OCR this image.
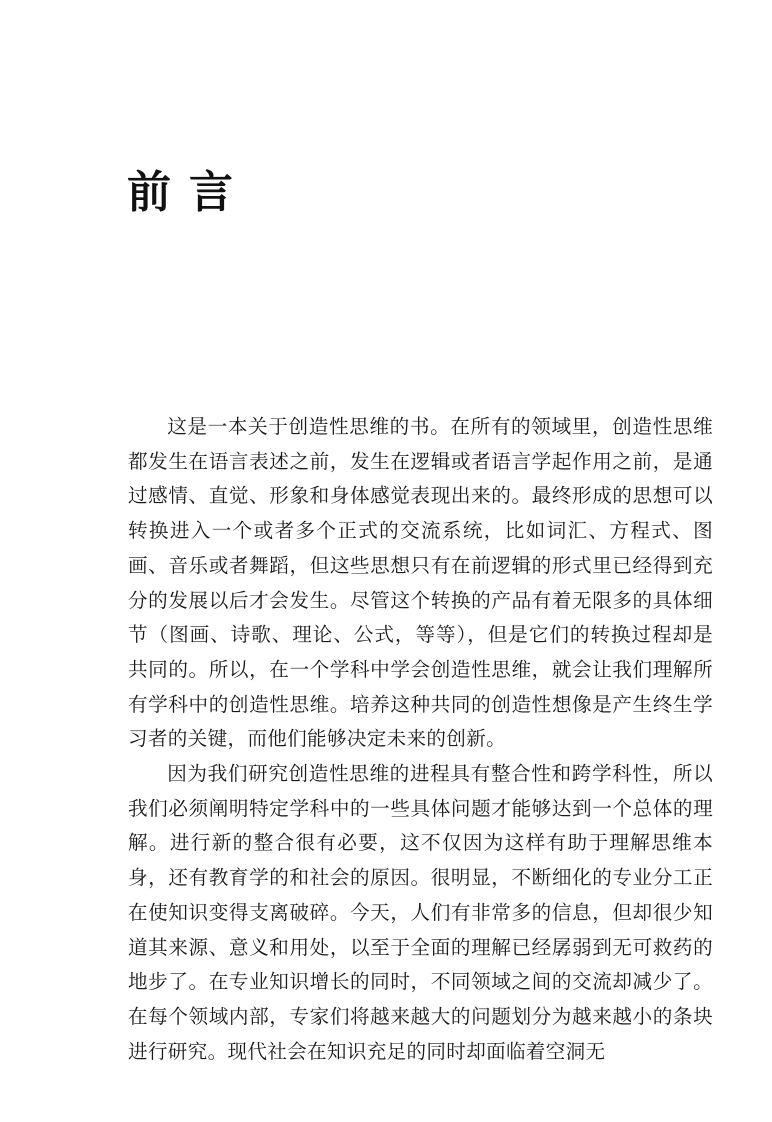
前言

这是一本关于创造性思维的书。在所有的领域里，创造性思维都发生在语言表述之前，发生在逻辑或者语言学起作用之前，是通过感情、直觉、形象和身体感觉表现出来的。最终形成的思想可以转换进入一个或者多个正式的交流系统，比如词汇、方程式、图画、音乐或者舞蹈，但这些思想只有在前逻辑的形式里已经得到充分的发展以后才会发生。尽管这个转换的产品有着无限多的具体细节（图画、诗歌、理论、公式，等等），但是它们的转换过程却是共同的。所以，在一个学科中学会创造性思维，就会让我们理解所有学科中的创造性思维。培养这种共同的创造性想像是产生终生学习者的关键，而他们能够决定未来的创新。

因为我们研究创造性思维的进程具有整合性和跨学科性，所以我们必须阐明特定学科中的一些具体问题才能够达到一个总体的理解。进行新的整合很有必要，这不仅因为这样有助于理解思维本身，还有教育学的和社会的原因。很明显，不断细化的专业分工正在使知识变得支离破碎。今天，人们有非常多的信息，但却很少知道其来源、意义和用处，以至于全面的理解已经孱弱到无可救药的地步了。在专业知识增长的同时，不同领域之间的交流却减少了。在每个领域内部，专家们将越来越大的问题划分为越来越小的条块进行研究。现代社会在知识充足的同时却面临着空洞无
